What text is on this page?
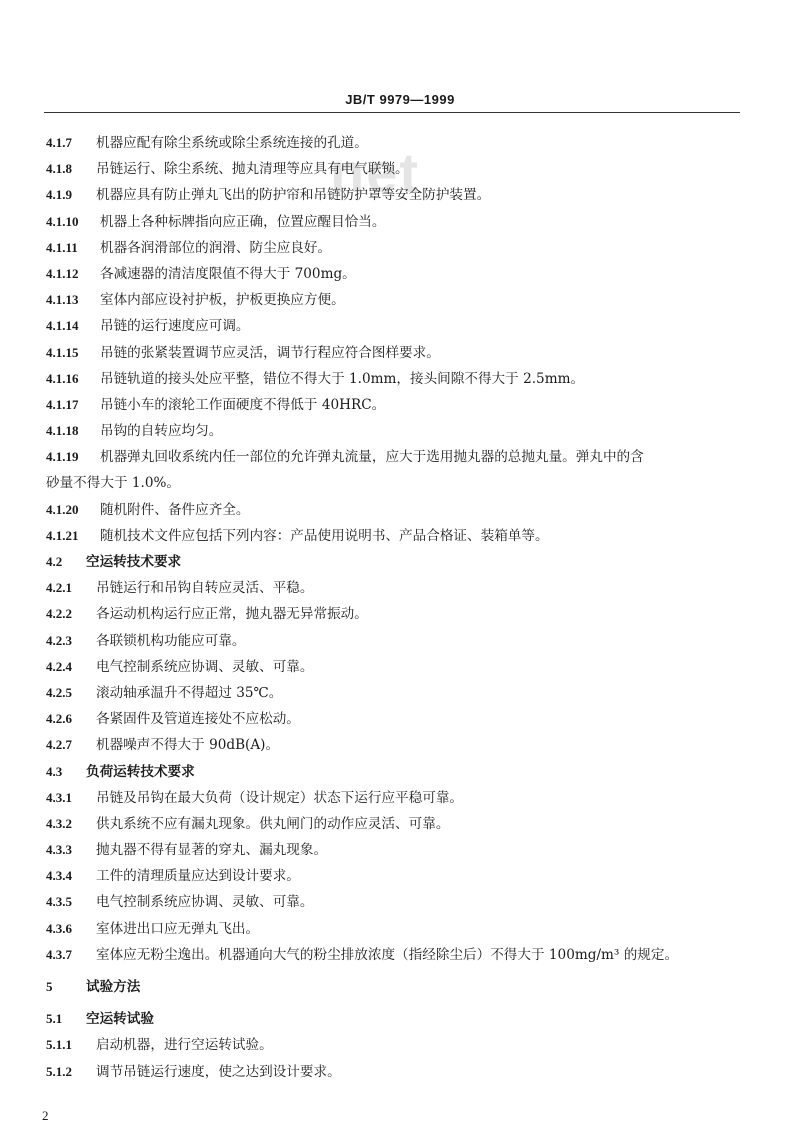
net
JB/T 9979—1999
4.1.7 机器应配有除尘系统或除尘系统连接的孔道。
4.1.8 吊链运行、除尘系统、抛丸清理等应具有电气联锁。
4.1.9 机器应具有防止弹丸飞出的防护帘和吊链防护罩等安全防护装置。
4.1.10 机器上各种标牌指向应正确，位置应醒目恰当。
4.1.11 机器各润滑部位的润滑、防尘应良好。
4.1.12 各减速器的清洁度限值不得大于 700mg。
4.1.13 室体内部应设衬护板，护板更换应方便。
4.1.14 吊链的运行速度应可调。
4.1.15 吊链的张紧装置调节应灵活，调节行程应符合图样要求。
4.1.16 吊链轨道的接头处应平整，错位不得大于 1.0mm，接头间隙不得大于 2.5mm。
4.1.17 吊链小车的滚轮工作面硬度不得低于 40HRC。
4.1.18 吊钩的自转应均匀。
4.1.19 机器弹丸回收系统内任一部位的允许弹丸流量，应大于选用抛丸器的总抛丸量。弹丸中的含
砂量不得大于 1.0%。
4.1.20 随机附件、备件应齐全。
4.1.21 随机技术文件应包括下列内容：产品使用说明书、产品合格证、装箱单等。
4.2 空运转技术要求
4.2.1 吊链运行和吊钩自转应灵活、平稳。
4.2.2 各运动机构运行应正常，抛丸器无异常振动。
4.2.3 各联锁机构功能应可靠。
4.2.4 电气控制系统应协调、灵敏、可靠。
4.2.5 滚动轴承温升不得超过 35℃。
4.2.6 各紧固件及管道连接处不应松动。
4.2.7 机器噪声不得大于 90dB(A)。
4.3 负荷运转技术要求
4.3.1 吊链及吊钩在最大负荷（设计规定）状态下运行应平稳可靠。
4.3.2 供丸系统不应有漏丸现象。供丸闸门的动作应灵活、可靠。
4.3.3 抛丸器不得有显著的穿丸、漏丸现象。
4.3.4 工件的清理质量应达到设计要求。
4.3.5 电气控制系统应协调、灵敏、可靠。
4.3.6 室体进出口应无弹丸飞出。
4.3.7 室体应无粉尘逸出。机器通向大气的粉尘排放浓度（指经除尘后）不得大于 100mg/m³ 的规定。
5 试验方法
5.1 空运转试验
5.1.1 启动机器，进行空运转试验。
5.1.2 调节吊链运行速度，使之达到设计要求。
2
